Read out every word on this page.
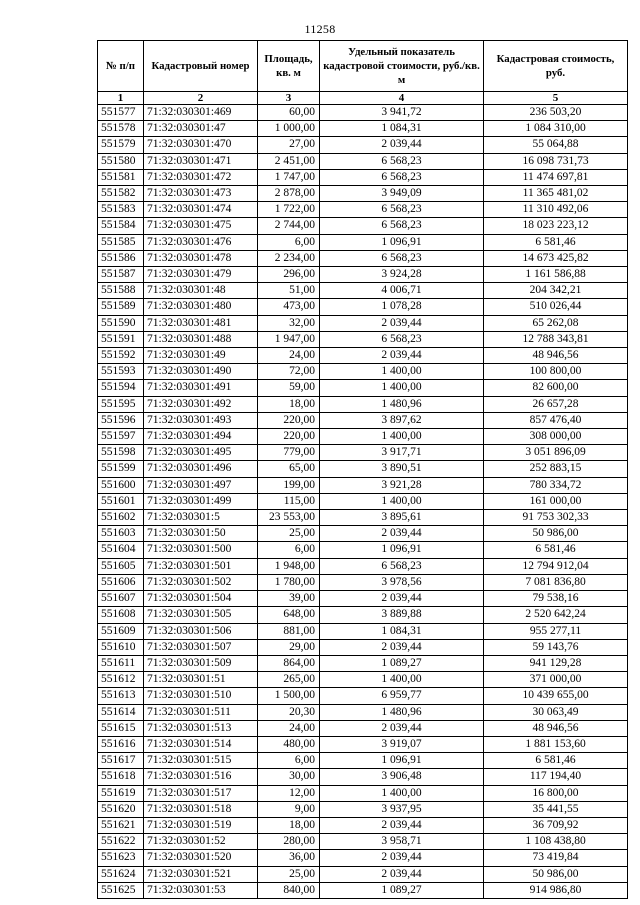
11258
№ п/п	Кадастровый номер	Площадь, кв. м	Удельный показатель кадастровой стоимости, руб./кв. м	Кадастровая стоимость, руб.
1	2	3	4	5
551577	71:32:030301:469	60,00	3 941,72	236 503,20
551578	71:32:030301:47	1 000,00	1 084,31	1 084 310,00
551579	71:32:030301:470	27,00	2 039,44	55 064,88
551580	71:32:030301:471	2 451,00	6 568,23	16 098 731,73
551581	71:32:030301:472	1 747,00	6 568,23	11 474 697,81
551582	71:32:030301:473	2 878,00	3 949,09	11 365 481,02
551583	71:32:030301:474	1 722,00	6 568,23	11 310 492,06
551584	71:32:030301:475	2 744,00	6 568,23	18 023 223,12
551585	71:32:030301:476	6,00	1 096,91	6 581,46
551586	71:32:030301:478	2 234,00	6 568,23	14 673 425,82
551587	71:32:030301:479	296,00	3 924,28	1 161 586,88
551588	71:32:030301:48	51,00	4 006,71	204 342,21
551589	71:32:030301:480	473,00	1 078,28	510 026,44
551590	71:32:030301:481	32,00	2 039,44	65 262,08
551591	71:32:030301:488	1 947,00	6 568,23	12 788 343,81
551592	71:32:030301:49	24,00	2 039,44	48 946,56
551593	71:32:030301:490	72,00	1 400,00	100 800,00
551594	71:32:030301:491	59,00	1 400,00	82 600,00
551595	71:32:030301:492	18,00	1 480,96	26 657,28
551596	71:32:030301:493	220,00	3 897,62	857 476,40
551597	71:32:030301:494	220,00	1 400,00	308 000,00
551598	71:32:030301:495	779,00	3 917,71	3 051 896,09
551599	71:32:030301:496	65,00	3 890,51	252 883,15
551600	71:32:030301:497	199,00	3 921,28	780 334,72
551601	71:32:030301:499	115,00	1 400,00	161 000,00
551602	71:32:030301:5	23 553,00	3 895,61	91 753 302,33
551603	71:32:030301:50	25,00	2 039,44	50 986,00
551604	71:32:030301:500	6,00	1 096,91	6 581,46
551605	71:32:030301:501	1 948,00	6 568,23	12 794 912,04
551606	71:32:030301:502	1 780,00	3 978,56	7 081 836,80
551607	71:32:030301:504	39,00	2 039,44	79 538,16
551608	71:32:030301:505	648,00	3 889,88	2 520 642,24
551609	71:32:030301:506	881,00	1 084,31	955 277,11
551610	71:32:030301:507	29,00	2 039,44	59 143,76
551611	71:32:030301:509	864,00	1 089,27	941 129,28
551612	71:32:030301:51	265,00	1 400,00	371 000,00
551613	71:32:030301:510	1 500,00	6 959,77	10 439 655,00
551614	71:32:030301:511	20,30	1 480,96	30 063,49
551615	71:32:030301:513	24,00	2 039,44	48 946,56
551616	71:32:030301:514	480,00	3 919,07	1 881 153,60
551617	71:32:030301:515	6,00	1 096,91	6 581,46
551618	71:32:030301:516	30,00	3 906,48	117 194,40
551619	71:32:030301:517	12,00	1 400,00	16 800,00
551620	71:32:030301:518	9,00	3 937,95	35 441,55
551621	71:32:030301:519	18,00	2 039,44	36 709,92
551622	71:32:030301:52	280,00	3 958,71	1 108 438,80
551623	71:32:030301:520	36,00	2 039,44	73 419,84
551624	71:32:030301:521	25,00	2 039,44	50 986,00
551625	71:32:030301:53	840,00	1 089,27	914 986,80
